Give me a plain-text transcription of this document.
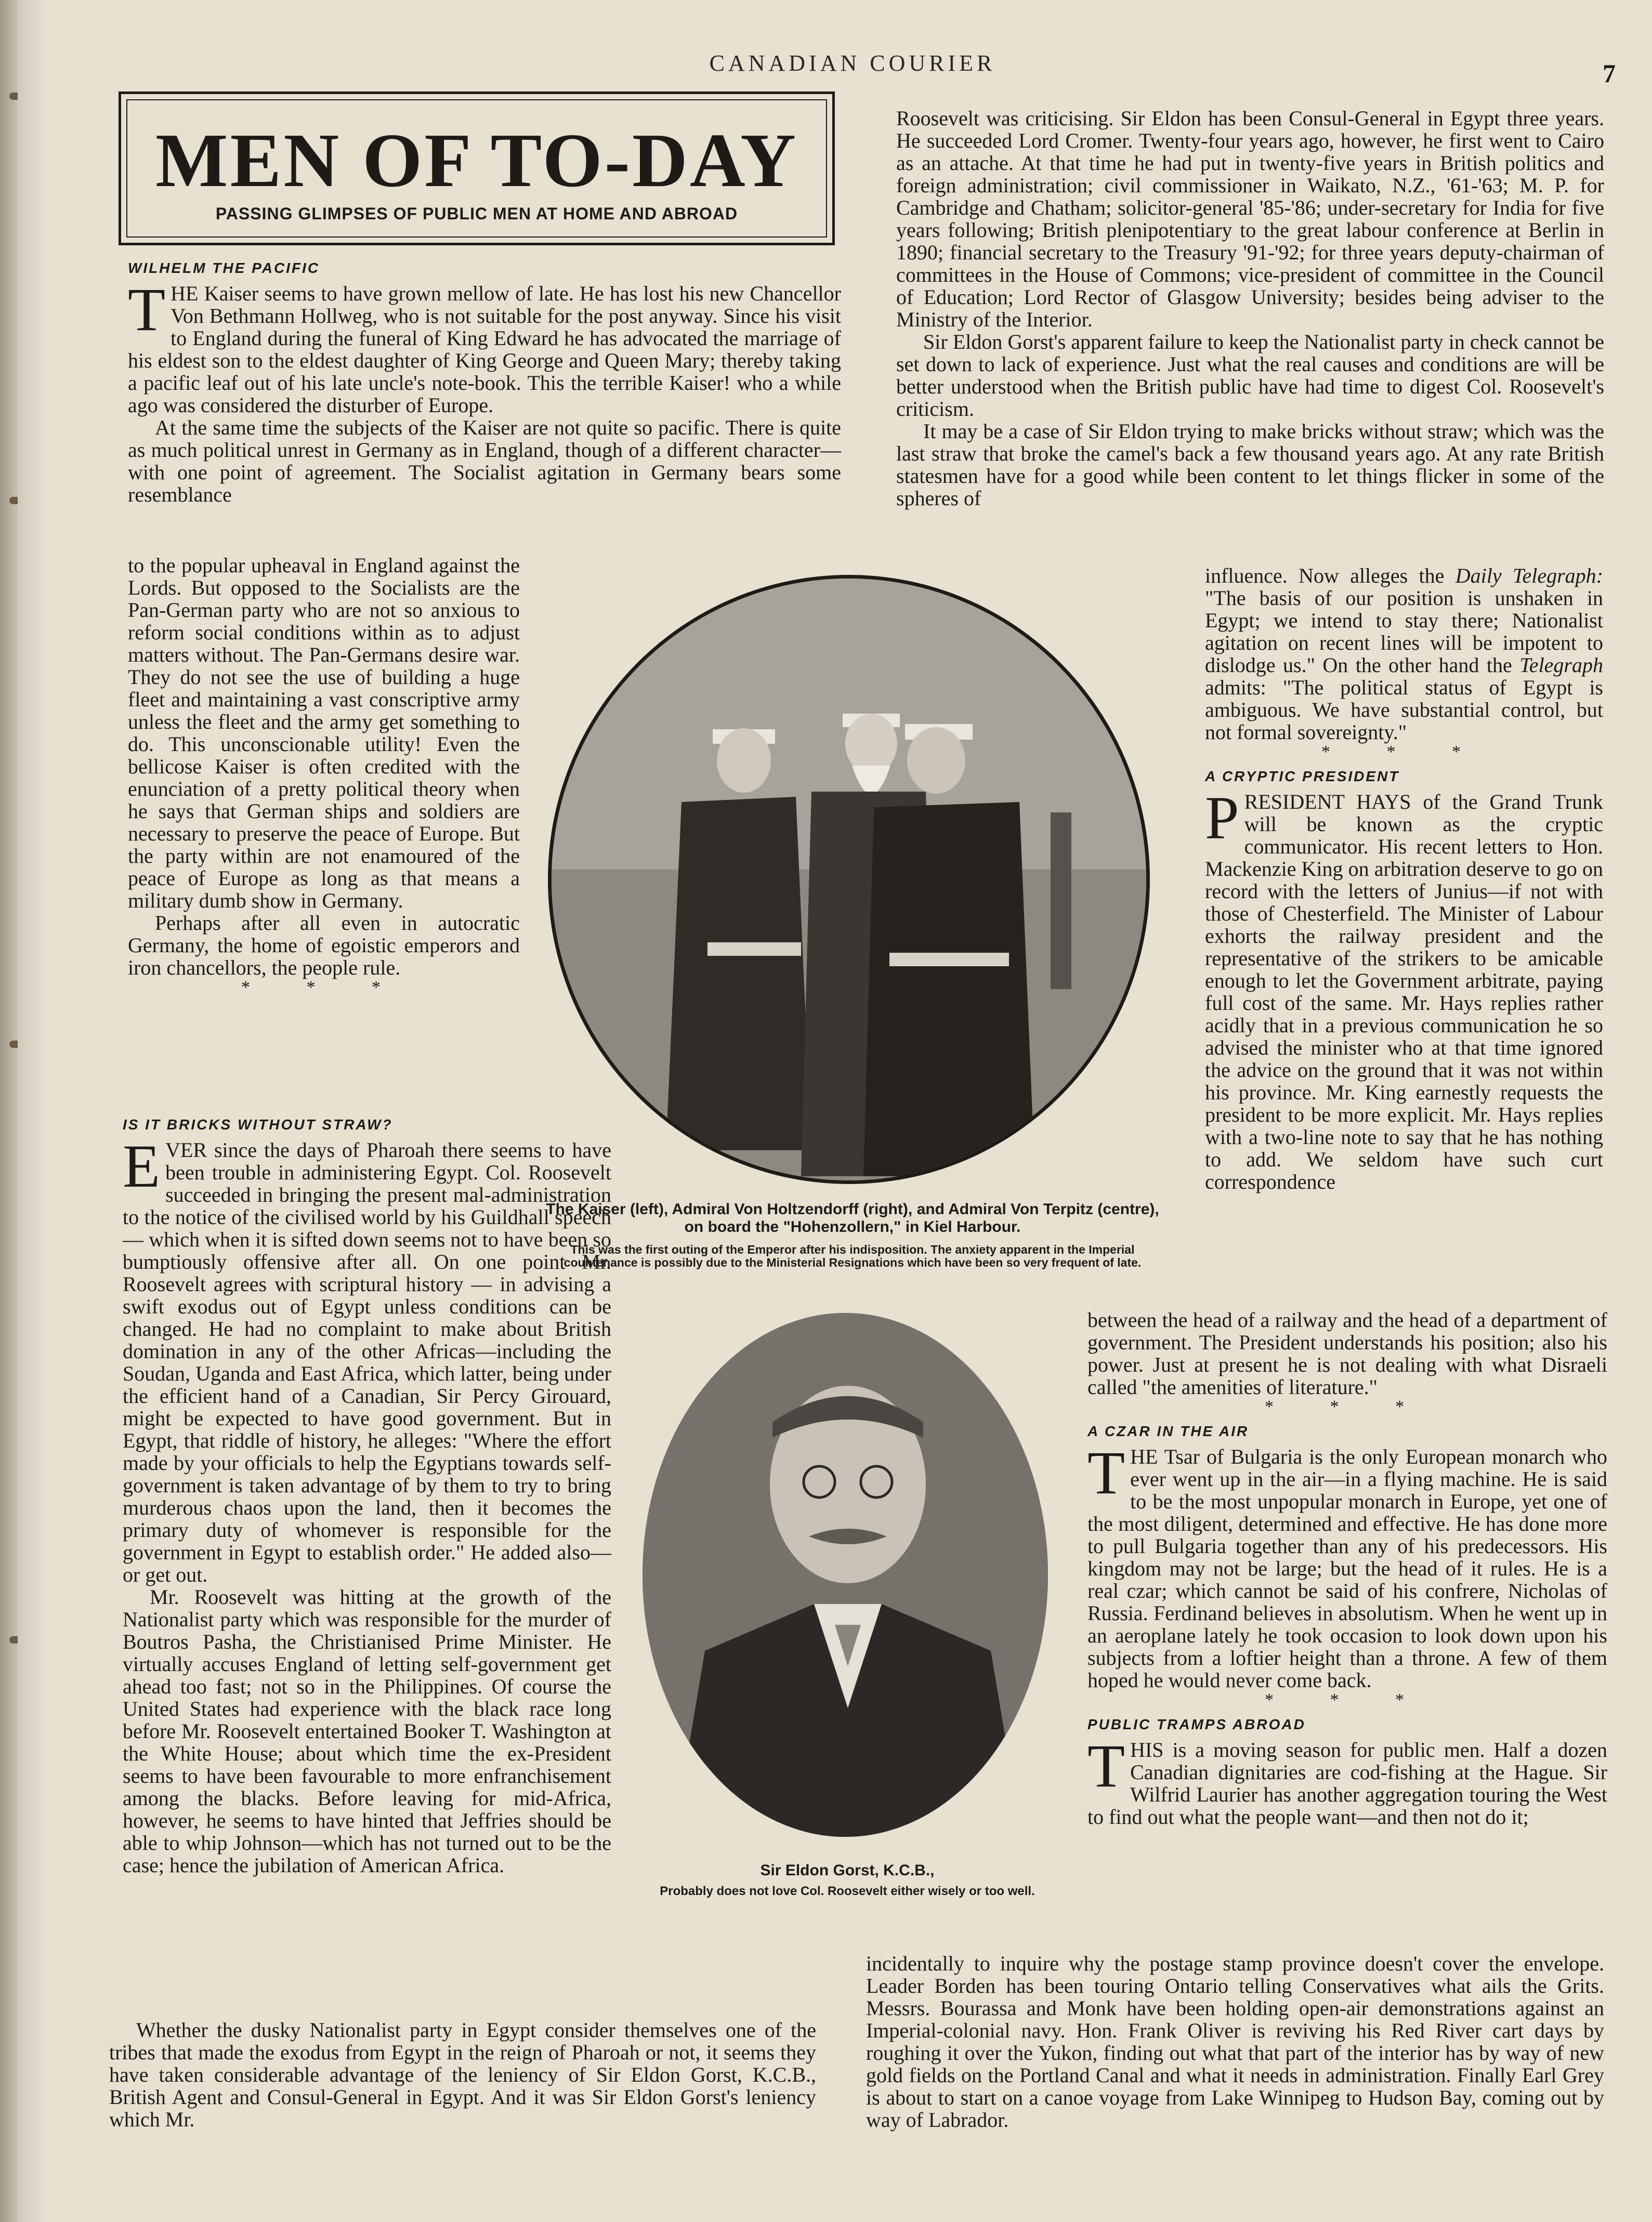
CANADIAN COURIER	7
MEN OF TO-DAY
PASSING GLIMPSES OF PUBLIC MEN AT HOME AND ABROAD
WILHELM THE PACIFIC

THE Kaiser seems to have grown mellow of late. He has lost his new Chancellor Von Bethmann Hollweg, who is not suitable for the post anyway. Since his visit to England during the funeral of King Edward he has advocated the marriage of his eldest son to the eldest daughter of King George and Queen Mary; thereby taking a pacific leaf out of his late uncle's note-book. This the terrible Kaiser! who a while ago was considered the disturber of Europe.

At the same time the subjects of the Kaiser are not quite so pacific. There is quite as much political unrest in Germany as in England, though of a different character—with one point of agreement. The Socialist agitation in Germany bears some resemblance

to the popular upheaval in England against the Lords. But opposed to the Socialists are the Pan-German party who are not so anxious to reform social conditions within as to adjust matters without. The Pan-Germans desire war. They do not see the use of building a huge fleet and maintaining a vast conscriptive army unless the fleet and the army get something to do. This unconscionable utility! Even the bellicose Kaiser is often credited with the enunciation of a pretty political theory when he says that German ships and soldiers are necessary to preserve the peace of Europe. But the party within are not enamoured of the peace of Europe as long as that means a military dumb show in Germany.

Perhaps after all even in autocratic Germany, the home of egoistic emperors and iron chancellors, the people rule.

* * *
IS IT BRICKS WITHOUT STRAW?

EVER since the days of Pharoah there seems to have been trouble in administering Egypt. Col. Roosevelt succeeded in bringing the present mal-administration to the notice of the civilised world by his Guildhall speech — which when it is sifted down seems not to have been so bumptiously offensive after all. On one point Mr. Roosevelt agrees with scriptural history — in advising a swift exodus out of Egypt unless conditions can be changed. He had no complaint to make about British domination in any of the other Africas—including the Soudan, Uganda and East Africa, which latter, being under the efficient hand of a Canadian, Sir Percy Girouard, might be expected to have good government. But in Egypt, that riddle of history, he alleges: "Where the effort made by your officials to help the Egyptians towards self-government is taken advantage of by them to try to bring murderous chaos upon the land, then it becomes the primary duty of whomever is responsible for the government in Egypt to establish order." He added also—or get out.

Mr. Roosevelt was hitting at the growth of the Nationalist party which was responsible for the murder of Boutros Pasha, the Christianised Prime Minister. He virtually accuses England of letting self-government get ahead too fast; not so in the Philippines. Of course the United States had experience with the black race long before Mr. Roosevelt entertained Booker T. Washington at the White House; about which time the ex-President seems to have been favourable to more enfranchisement among the blacks. Before leaving for mid-Africa, however, he seems to have hinted that Jeffries should be able to whip Johnson—which has not turned out to be the case; hence the jubilation of American Africa.

Whether the dusky Nationalist party in Egypt consider themselves one of the tribes that made the exodus from Egypt in the reign of Pharoah or not, it seems they have taken considerable advantage of the leniency of Sir Eldon Gorst, K.C.B., British Agent and Consul-General in Egypt. And it was Sir Eldon Gorst's leniency which Mr.

Roosevelt was criticising. Sir Eldon has been Consul-General in Egypt three years. He succeeded Lord Cromer. Twenty-four years ago, however, he first went to Cairo as an attache. At that time he had put in twenty-five years in British politics and foreign administration; civil commissioner in Waikato, N.Z., '61-'63; M. P. for Cambridge and Chatham; solicitor-general '85-'86; under-secretary for India for five years following; British plenipotentiary to the great labour conference at Berlin in 1890; financial secretary to the Treasury '91-'92; for three years deputy-chairman of committees in the House of Commons; vice-president of committee in the Council of Education; Lord Rector of Glasgow University; besides being adviser to the Ministry of the Interior.

Sir Eldon Gorst's apparent failure to keep the Nationalist party in check cannot be set down to lack of experience. Just what the real causes and conditions are will be better understood when the British public have had time to digest Col. Roosevelt's criticism.

It may be a case of Sir Eldon trying to make bricks without straw; which was the last straw that broke the camel's back a few thousand years ago. At any rate British statesmen have for a good while been content to let things flicker in some of the spheres of

influence. Now alleges the Daily Telegraph: "The basis of our position is unshaken in Egypt; we intend to stay there; Nationalist agitation on recent lines will be impotent to dislodge us." On the other hand the Telegraph admits: "The political status of Egypt is ambiguous. We have substantial control, but not formal sovereignty."

* * *
A CRYPTIC PRESIDENT

PRESIDENT HAYS of the Grand Trunk will be known as the cryptic communicator. His recent letters to Hon. Mackenzie King on arbitration deserve to go on record with the letters of Junius—if not with those of Chesterfield. The Minister of Labour exhorts the railway president and the representative of the strikers to be amicable enough to let the Government arbitrate, paying full cost of the same. Mr. Hays replies rather acidly that in a previous communication he so advised the minister who at that time ignored the advice on the ground that it was not within his province. Mr. King earnestly requests the president to be more explicit. Mr. Hays replies with a two-line note to say that he has nothing to add. We seldom have such curt correspondence

between the head of a railway and the head of a department of government. The President understands his position; also his power. Just at present he is not dealing with what Disraeli called "the amenities of literature."

* * *
A CZAR IN THE AIR

THE Tsar of Bulgaria is the only European monarch who ever went up in the air—in a flying machine. He is said to be the most unpopular monarch in Europe, yet one of the most diligent, determined and effective. He has done more to pull Bulgaria together than any of his predecessors. His kingdom may not be large; but the head of it rules. He is a real czar; which cannot be said of his confrere, Nicholas of Russia. Ferdinand believes in absolutism. When he went up in an aeroplane lately he took occasion to look down upon his subjects from a loftier height than a throne. A few of them hoped he would never come back.

* * *
PUBLIC TRAMPS ABROAD

THIS is a moving season for public men. Half a dozen Canadian dignitaries are cod-fishing at the Hague. Sir Wilfrid Laurier has another aggregation touring the West to find out what the people want—and then not do it;

incidentally to inquire why the postage stamp province doesn't cover the envelope. Leader Borden has been touring Ontario telling Conservatives what ails the Grits. Messrs. Bourassa and Monk have been holding open-air demonstrations against an Imperial-colonial navy. Hon. Frank Oliver is reviving his Red River cart days by roughing it over the Yukon, finding out what that part of the interior has by way of new gold fields on the Portland Canal and what it needs in administration. Finally Earl Grey is about to start on a canoe voyage from Lake Winnipeg to Hudson Bay, coming out by way of Labrador.

The Kaiser (left), Admiral Von Holtzendorff (right), and Admiral Von Terpitz (centre), on board the "Hohenzollern," in Kiel Harbour.
This was the first outing of the Emperor after his indisposition. The anxiety apparent in the Imperial countenance is possibly due to the Ministerial Resignations which have been so very frequent of late.
Sir Eldon Gorst, K.C.B.,
Probably does not love Col. Roosevelt either wisely or too well.
